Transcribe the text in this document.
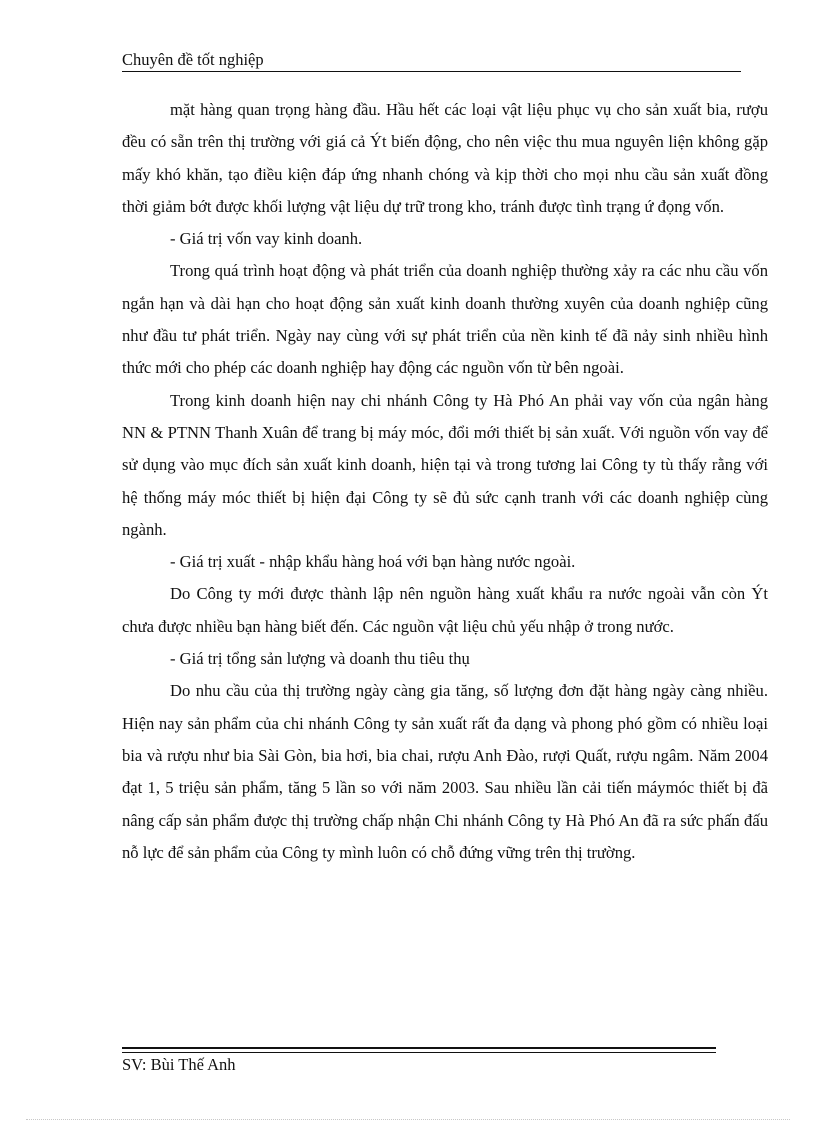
Chuyên đề tốt nghiệp

mặt hàng quan trọng hàng đầu. Hầu hết các loại vật liệu phục vụ cho sản xuất bia, rượu đều có sẵn trên thị trường với giá cả Ýt biến động, cho nên việc thu mua nguyên liện không gặp mấy khó khăn, tạo điều kiện đáp ứng nhanh chóng và kịp thời cho mọi nhu cầu sản xuất đồng thời giảm bớt được khối lượng vật liệu dự trữ trong kho, tránh được tình trạng ứ đọng vốn.

- Giá trị vốn vay kinh doanh.

Trong quá trình hoạt động và phát triển của doanh nghiệp thường xảy ra các nhu cầu vốn ngắn hạn và dài hạn cho hoạt động sản xuất kinh doanh thường xuyên của doanh nghiệp cũng như đầu tư phát triển. Ngày nay cùng với sự phát triển của nền kinh tế đã nảy sinh nhiều hình thức mới cho phép các doanh nghiệp hay động các nguồn vốn từ bên ngoài.

Trong kinh doanh hiện nay chi nhánh Công ty Hà Phó An phải vay vốn của ngân hàng NN & PTNN Thanh Xuân để trang bị máy móc, đổi mới thiết bị sản xuất. Với nguồn vốn vay để sử dụng vào mục đích sản xuất kinh doanh, hiện tại và trong tương lai Công ty tù thấy rằng với hệ thống máy móc thiết bị hiện đại Công ty sẽ đủ sức cạnh tranh với các doanh nghiệp cùng ngành.

- Giá trị xuất - nhập khẩu hàng hoá với bạn hàng nước ngoài.

Do Công ty mới được thành lập nên nguồn hàng xuất khẩu ra nước ngoài vẫn còn Ýt chưa được nhiều bạn hàng biết đến. Các nguồn vật liệu chủ yếu nhập ở trong nước.

- Giá trị tổng sản lượng và doanh thu tiêu thụ

Do nhu cầu của thị trường ngày càng gia tăng, số lượng đơn đặt hàng ngày càng nhiều. Hiện nay sản phẩm của chi nhánh Công ty sản xuất rất đa dạng và phong phó gồm có nhiều loại bia và rượu như bia Sài Gòn, bia hơi, bia chai, rượu Anh Đào, rượi Quất, rượu ngâm. Năm 2004 đạt 1, 5 triệu sản phẩm, tăng 5 lần so với năm 2003. Sau nhiều lần cải tiến máymóc thiết bị đã nâng cấp sản phẩm được thị trường chấp nhận Chi nhánh Công ty Hà Phó An đã ra sức phấn đấu nỗ lực để sản phẩm của Công ty mình luôn có chỗ đứng vững trên thị trường.

SV: Bùi Thế Anh
